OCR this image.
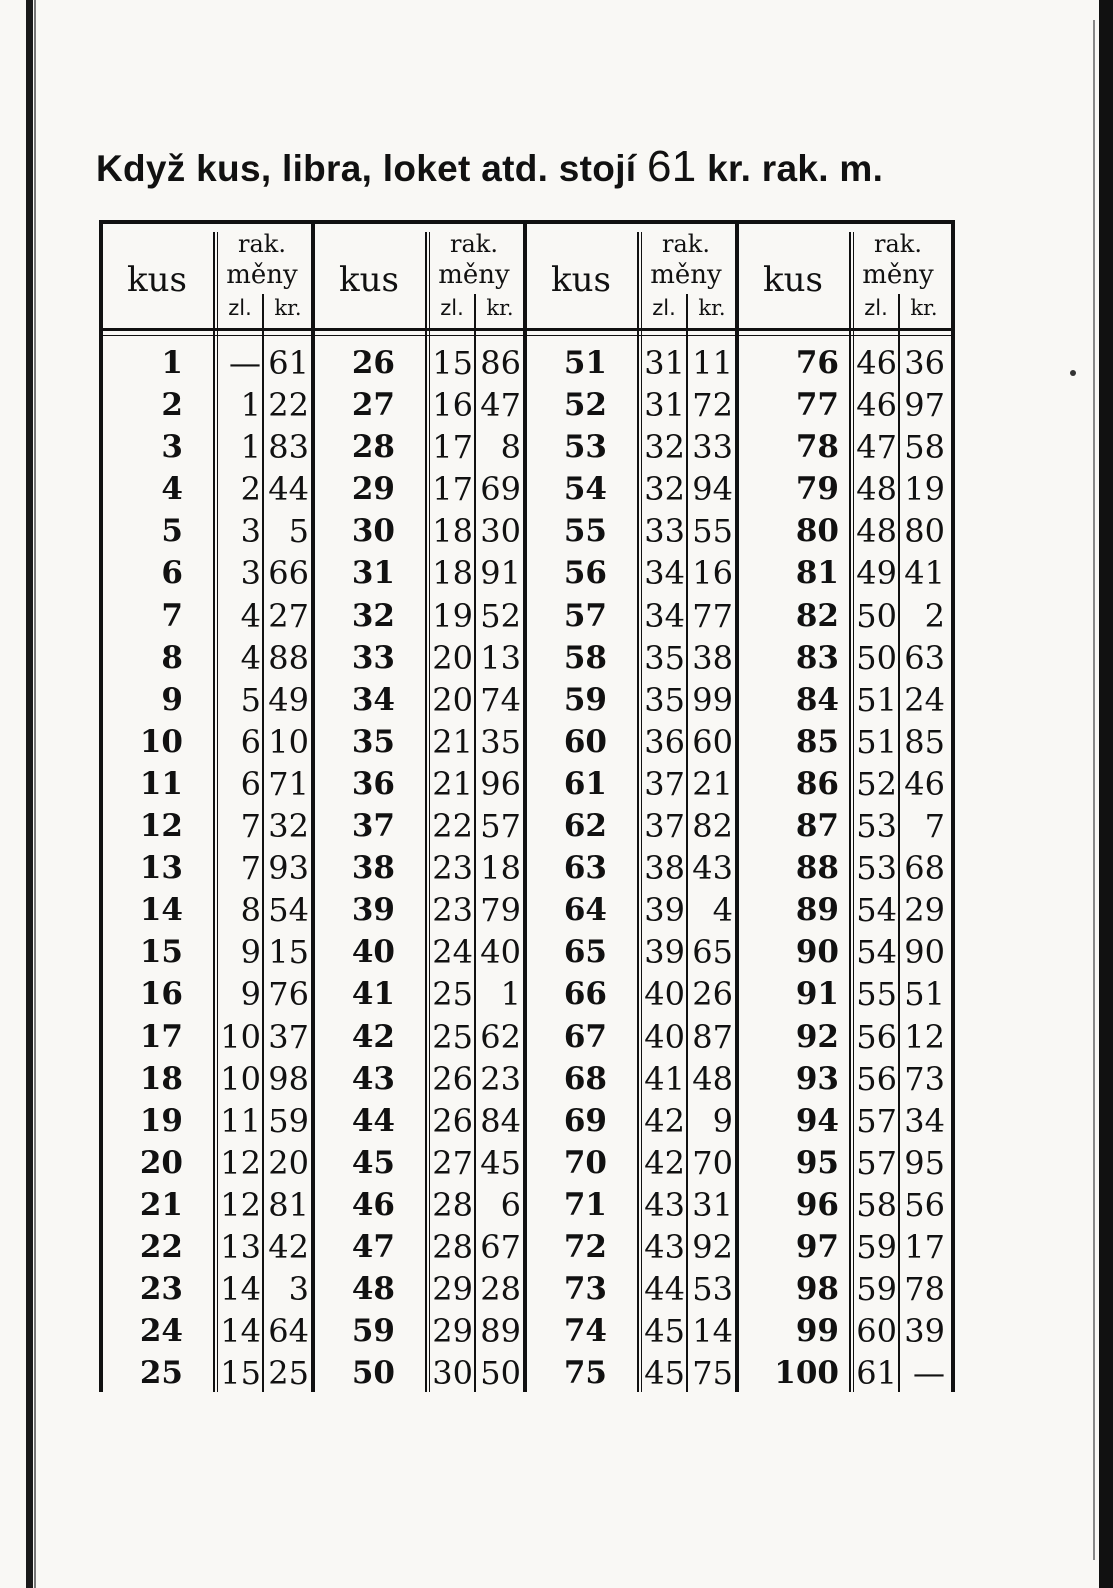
Když kus, libra, loket atd. stojí 61 kr. rak. m.
kus
rak.
měny
zl.	kr.
1	— 61
2	1 22
3	1 83
4	2 44
5	3 5
6	3 66
7	4 27
8	4 88
9	5 49
10	6 10
11	6 71
12	7 32
13	7 93
14	8 54
15	9 15
16	9 76
17 10 37
18 10 98
19 11 59
20 12 20
21 12 81
22 13 42
23 14 3
24 14 64
25 15 25
kus
rak.
měny
zl.	kr.
26 15 86
27 16 47
28 17 8
29 17 69
30 18 30
31 18 91
32 19 52
33 20 13
34 20 74
35 21 35
36 21 96
37 22 57
38 23 18
39 23 79
40 24 40
41 25 1
42 25 62
43 26 23
44 26 84
45 27 45
46 28 6
47 28 67
48 29 28
59 29 89
50 30 50
kus
rak.
měny
zl.	kr.
51 31 11
52 31 72
53 32 33
54 32 94
55 33 55
56 34 16
57 34 77
58 35 38
59 35 99
60 36 60
61 37 21
62 37 82
63 38 43
64 39 4
65 39 65
66 40 26
67 40 87
68 41 48
69 42 9
70 42 70
71 43 31
72 43 92
73 44 53
74 45 14
75 45 75
kus
rak.
měny
zl.	kr.
76 46 36
77 46 97
78 47 58
79 48 19
80 48 80
81 49 41
82 50 2
83 50 63
84 51 24
85 51 85
86 52 46
87 53 7
88 53 68
89 54 29
90 54 90
91 55 51
92 56 12
93 56 73
94 57 34
95 57 95
96 58 56
97 59 17
98 59 78
99 60 39
100 61 —
